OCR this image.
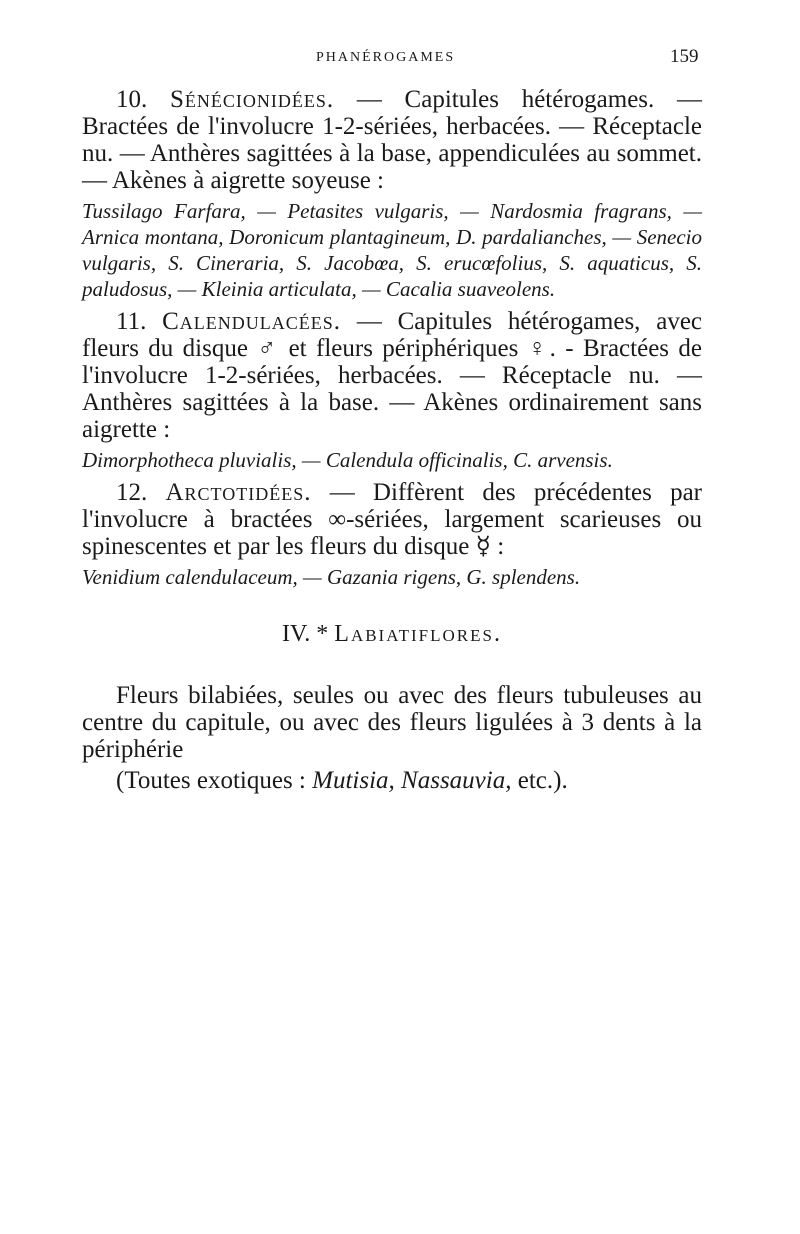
PHANÉROGAMES	159

10. Sénécionidées. — Capitules hétérogames. — Bractées de l'involucre 1-2-sériées, herbacées. — Réceptacle nu. — Anthères sagittées à la base, appendiculées au sommet. — Akènes à aigrette soyeuse :

Tussilago Farfara, — Petasites vulgaris, — Nardosmia fragrans, — Arnica montana, Doronicum plantagineum, D. pardalianches, — Senecio vulgaris, S. Cineraria, S. Jacobœa, S. erucœfolius, S. aquaticus, S. paludosus, — Kleinia articulata, — Cacalia suaveolens.

11. Calendulacées. — Capitules hétérogames, avec fleurs du disque ♂ et fleurs périphériques ♀. - Bractées de l'involucre 1-2-sériées, herbacées. — Réceptacle nu. — Anthères sagittées à la base. — Akènes ordinairement sans aigrette :

Dimorphotheca pluvialis, — Calendula officinalis, C. arvensis.

12. Arctotidées. — Diffèrent des précédentes par l'involucre à bractées ∞-sériées, largement scarieuses ou spinescentes et par les fleurs du disque ☿ :

Venidium calendulaceum, — Gazania rigens, G. splendens.

IV. * Labiatiflores.

Fleurs bilabiées, seules ou avec des fleurs tubuleuses au centre du capitule, ou avec des fleurs ligulées à 3 dents à la périphérie

(Toutes exotiques : Mutisia, Nassauvia, etc.).
